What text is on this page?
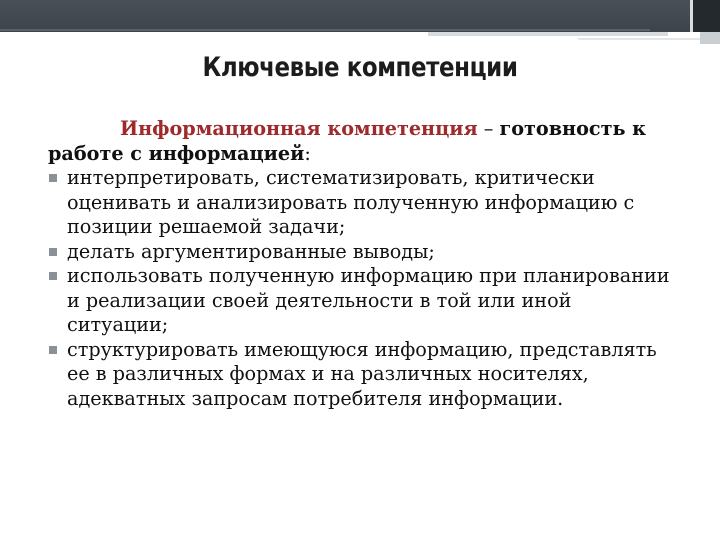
Ключевые компетенции

Информационная компетенция – готовность к работе с информацией:

интерпретировать, систематизировать, критически оценивать и анализировать полученную информацию с позиции решаемой задачи;
делать аргументированные выводы;
использовать полученную информацию при планировании и реализации своей деятельности в той или иной ситуации;
структурировать имеющуюся информацию, представлять ее в различных формах и на различных носителях, адекватных запросам потребителя информации.
